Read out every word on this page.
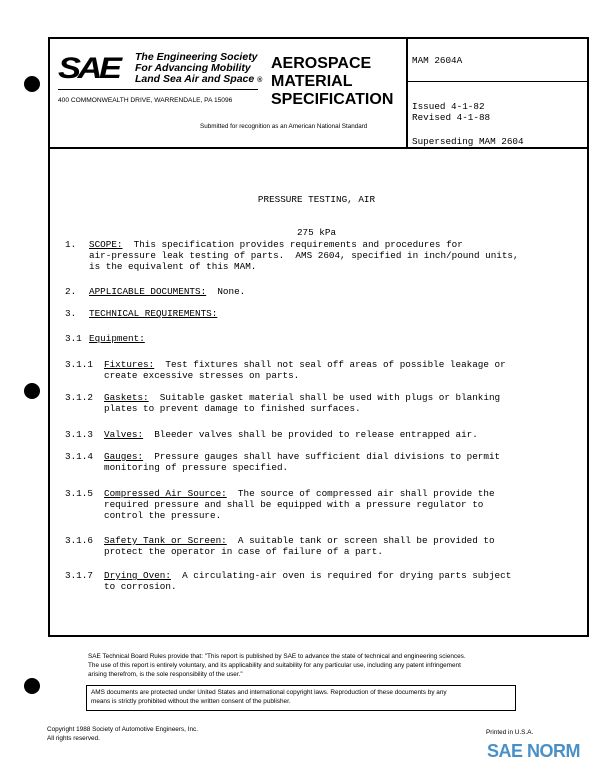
SAE The Engineering Society
For Advancing Mobility
Land Sea Air and Space ®
400 COMMONWEALTH DRIVE, WARRENDALE, PA 15096
AEROSPACE
MATERIAL
SPECIFICATION
Submitted for recognition as an American National Standard
MAM 2604A
Issued 4-1-82
Revised 4-1-88
Superseding MAM 2604

PRESSURE TESTING, AIR

275 kPa

1. SCOPE:  This specification provides requirements and procedures for
air-pressure leak testing of parts.  AMS 2604, specified in inch/pound units,
is the equivalent of this MAM.
2. APPLICABLE DOCUMENTS:  None.
3. TECHNICAL REQUIREMENTS:
3.1 Equipment:
3.1.1 Fixtures:  Test fixtures shall not seal off areas of possible leakage or
create excessive stresses on parts.
3.1.2 Gaskets:  Suitable gasket material shall be used with plugs or blanking
plates to prevent damage to finished surfaces.
3.1.3 Valves:  Bleeder valves shall be provided to release entrapped air.
3.1.4 Gauges:  Pressure gauges shall have sufficient dial divisions to permit
monitoring of pressure specified.
3.1.5 Compressed Air Source:  The source of compressed air shall provide the
required pressure and shall be equipped with a pressure regulator to
control the pressure.
3.1.6 Safety Tank or Screen:  A suitable tank or screen shall be provided to
protect the operator in case of failure of a part.
3.1.7 Drying Oven:  A circulating-air oven is required for drying parts subject
to corrosion.
SAE Technical Board Rules provide that: "This report is published by SAE to advance the state of technical and engineering sciences.
The use of this report is entirely voluntary, and its applicability and suitability for any particular use, including any patent infringement
arising therefrom, is the sole responsibility of the user."
AMS documents are protected under United States and international copyright laws. Reproduction of these documents by any
means is strictly prohibited without the written consent of the publisher.
Copyright 1988 Society of Automotive Engineers, Inc.
All rights reserved.
Printed in U.S.A.
SAE NORM
